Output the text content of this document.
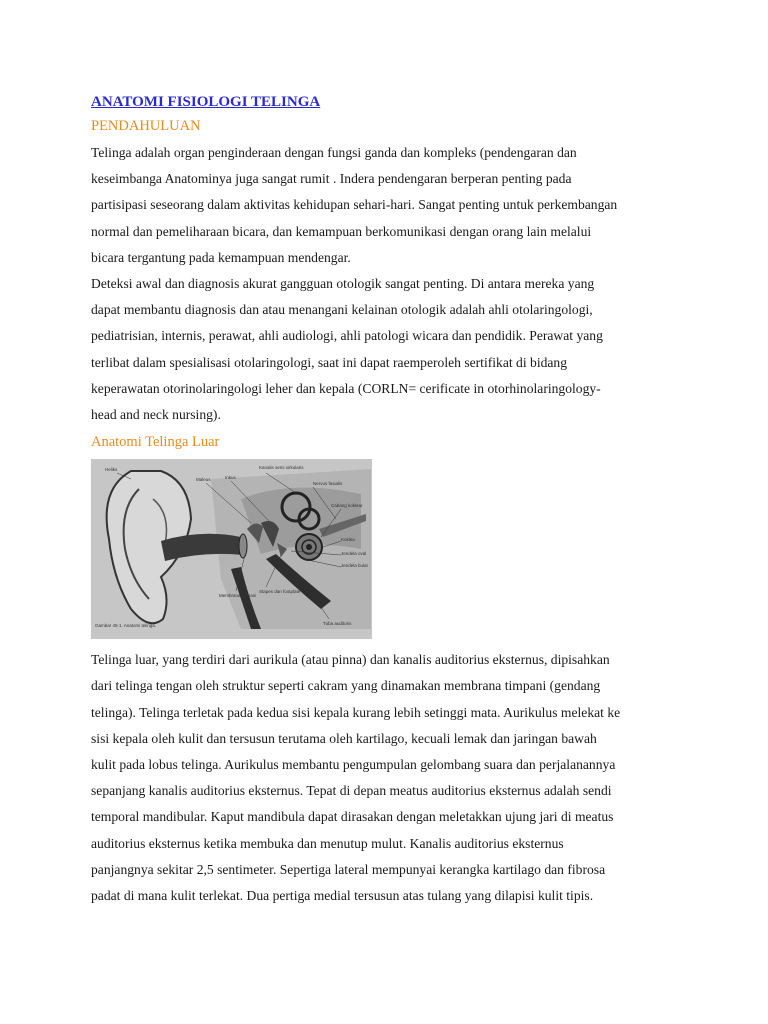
ANATOMI FISIOLOGI TELINGA
PENDAHULUAN

Telinga adalah organ penginderaan dengan fungsi ganda dan kompleks (pendengaran dan
keseimbanga Anatominya juga sangat rumit . Indera pendengaran berperan penting pada
partisipasi seseorang dalam aktivitas kehidupan sehari-hari. Sangat penting untuk perkembangan
normal dan pemeliharaan bicara, dan kemampuan berkomunikasi dengan orang lain melalui
bicara tergantung pada kemampuan mendengar.

Deteksi awal dan diagnosis akurat gangguan otologik sangat penting. Di antara mereka yang
dapat membantu diagnosis dan atau menangani kelainan otologik adalah ahli otolaringologi,
pediatrisian, internis, perawat, ahli audiologi, ahli patologi wicara dan pendidik. Perawat yang
terlibat dalam spesialisasi otolaringologi, saat ini dapat raemperoleh sertifikat di bidang
keperawatan otorinolaringologi leher dan kepala (CORLN= cerificate in otorhinolaringology-
head and neck nursing).

Anatomi Telinga Luar
Heliks
Maleus	Inkus
Kanalis semi sirkularis
Nervus fasialis
Cabang koklear
Koklea
Jendela oval
Jendela bulat
Membrana timpani
Stapes dan footplate
Tuba auditoris
Gambar 45-1. Anatomi telinga.

Telinga luar, yang terdiri dari aurikula (atau pinna) dan kanalis auditorius eksternus, dipisahkan
dari telinga tengan oleh struktur seperti cakram yang dinamakan membrana timpani (gendang
telinga). Telinga terletak pada kedua sisi kepala kurang lebih setinggi mata. Aurikulus melekat ke
sisi kepala oleh kulit dan tersusun terutama oleh kartilago, kecuali lemak dan jaringan bawah
kulit pada lobus telinga. Aurikulus membantu pengumpulan gelombang suara dan perjalanannya
sepanjang kanalis auditorius eksternus. Tepat di depan meatus auditorius eksternus adalah sendi
temporal mandibular. Kaput mandibula dapat dirasakan dengan meletakkan ujung jari di meatus
auditorius eksternus ketika membuka dan menutup mulut. Kanalis auditorius eksternus
panjangnya sekitar 2,5 sentimeter. Sepertiga lateral mempunyai kerangka kartilago dan fibrosa
padat di mana kulit terlekat. Dua pertiga medial tersusun atas tulang yang dilapisi kulit tipis.
